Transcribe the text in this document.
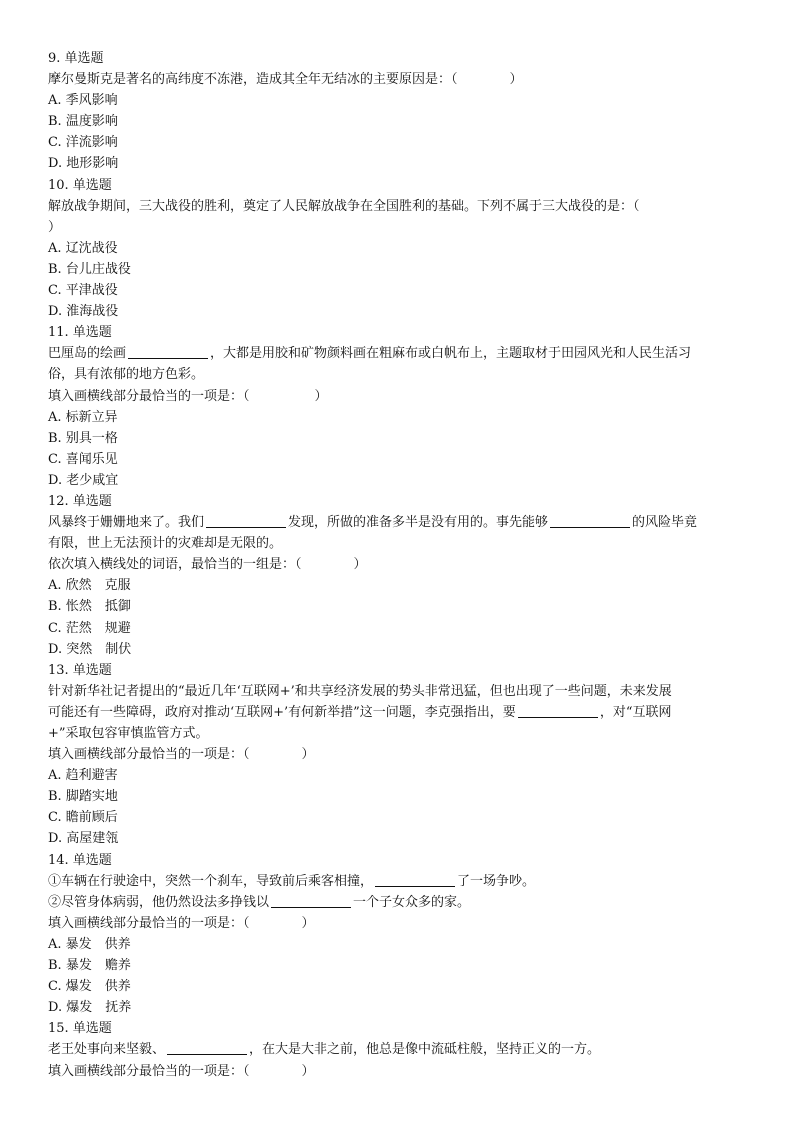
9. 单选题
摩尔曼斯克是著名的高纬度不冻港，造成其全年无结冰的主要原因是：（　　　　）
A. 季风影响
B. 温度影响
C. 洋流影响
D. 地形影响
10. 单选题
解放战争期间，三大战役的胜利，奠定了人民解放战争在全国胜利的基础。下列不属于三大战役的是：（
）
A. 辽沈战役
B. 台儿庄战役
C. 平津战役
D. 淮海战役
11. 单选题
巴厘岛的绘画	，大都是用胶和矿物颜料画在粗麻布或白帆布上，主题取材于田园风光和人民生活习
俗，具有浓郁的地方色彩。
填入画横线部分最恰当的一项是：（　　　　　）
A. 标新立异
B. 别具一格
C. 喜闻乐见
D. 老少咸宜
12. 单选题
风暴终于姗姗地来了。我们	发现，所做的准备多半是没有用的。事先能够	的风险毕竟
有限，世上无法预计的灾难却是无限的。
依次填入横线处的词语，最恰当的一组是：（　　　　）
A. 欣然　克服
B. 怅然　抵御
C. 茫然　规避
D. 突然　制伏
13. 单选题
针对新华社记者提出的“最近几年‘互联网+’和共享经济发展的势头非常迅猛，但也出现了一些问题，未来发展
可能还有一些障碍，政府对推动‘互联网+’有何新举措”这一问题，李克强指出，要	，对“互联网
+”采取包容审慎监管方式。
填入画横线部分最恰当的一项是：（　　　　）
A. 趋利避害
B. 脚踏实地
C. 瞻前顾后
D. 高屋建瓴
14. 单选题
①车辆在行驶途中，突然一个刹车，导致前后乘客相撞，	了一场争吵。
②尽管身体病弱，他仍然设法多挣钱以	一个子女众多的家。
填入画横线部分最恰当的一项是：（　　　　）
A. 暴发　供养
B. 暴发　赡养
C. 爆发　供养
D. 爆发　抚养
15. 单选题
老王处事向来坚毅、	，在大是大非之前，他总是像中流砥柱般，坚持正义的一方。
填入画横线部分最恰当的一项是：（　　　　）
